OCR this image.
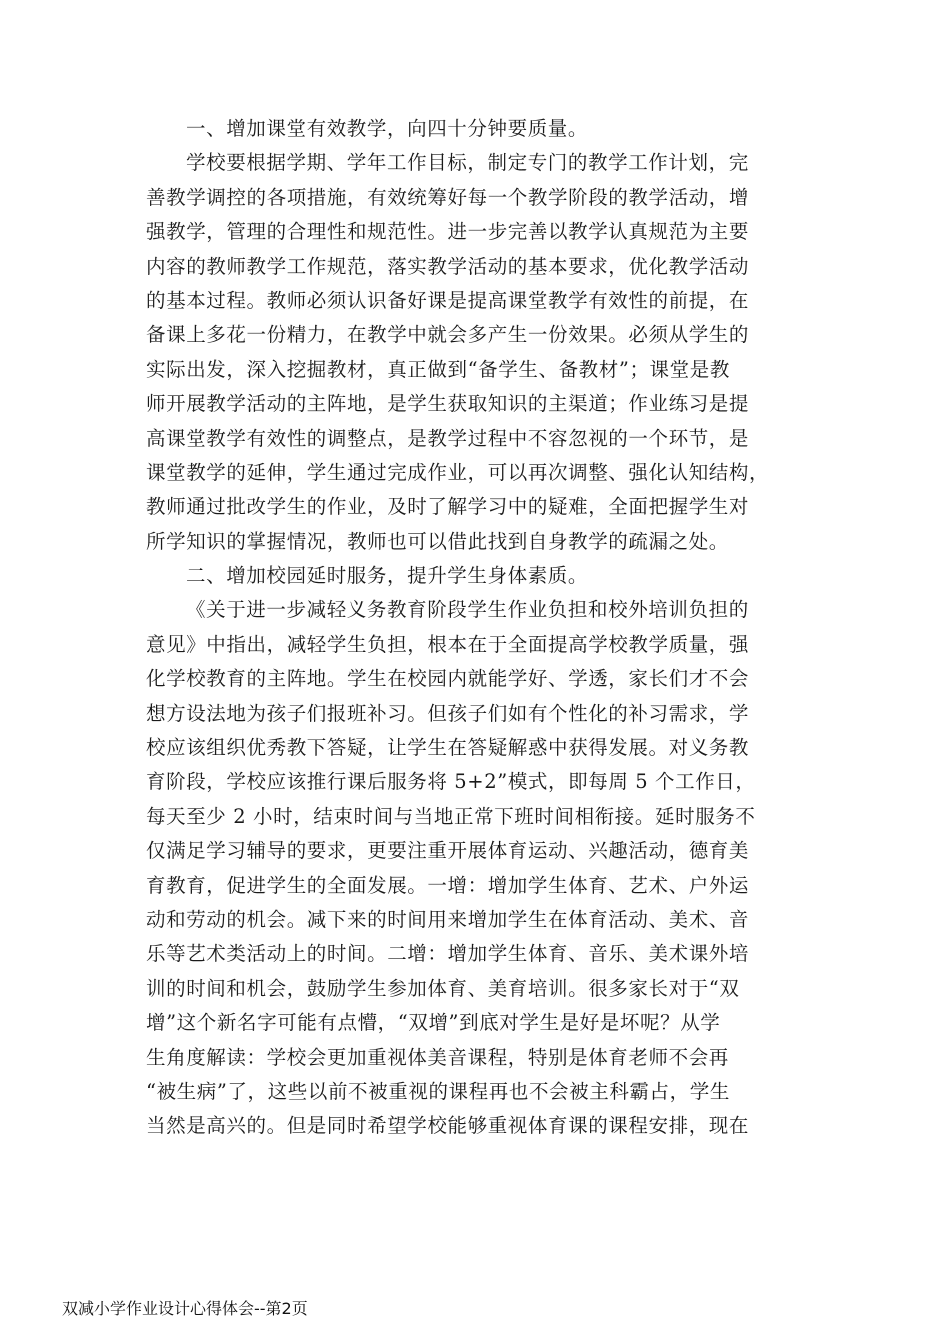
一、增加课堂有效教学，向四十分钟要质量。
学校要根据学期、学年工作目标，制定专门的教学工作计划，完
善教学调控的各项措施，有效统筹好每一个教学阶段的教学活动，增
强教学，管理的合理性和规范性。进一步完善以教学认真规范为主要
内容的教师教学工作规范，落实教学活动的基本要求，优化教学活动
的基本过程。教师必须认识备好课是提高课堂教学有效性的前提，在
备课上多花一份精力，在教学中就会多产生一份效果。必须从学生的
实际出发，深入挖掘教材，真正做到“备学生、备教材”；课堂是教
师开展教学活动的主阵地，是学生获取知识的主渠道；作业练习是提
高课堂教学有效性的调整点，是教学过程中不容忽视的一个环节，是
课堂教学的延伸，学生通过完成作业，可以再次调整、强化认知结构，
教师通过批改学生的作业，及时了解学习中的疑难，全面把握学生对
所学知识的掌握情况，教师也可以借此找到自身教学的疏漏之处。
二、增加校园延时服务，提升学生身体素质。
《关于进一步减轻义务教育阶段学生作业负担和校外培训负担的
意见》中指出，减轻学生负担，根本在于全面提高学校教学质量，强
化学校教育的主阵地。学生在校园内就能学好、学透，家长们才不会
想方设法地为孩子们报班补习。但孩子们如有个性化的补习需求，学
校应该组织优秀教下答疑，让学生在答疑解惑中获得发展。对义务教
育阶段，学校应该推行课后服务将 5+2”模式，即每周 5 个工作日，
每天至少 2 小时，结束时间与当地正常下班时间相衔接。延时服务不
仅满足学习辅导的要求，更要注重开展体育运动、兴趣活动，德育美
育教育，促进学生的全面发展。一增：增加学生体育、艺术、户外运
动和劳动的机会。减下来的时间用来增加学生在体育活动、美术、音
乐等艺术类活动上的时间。二增：增加学生体育、音乐、美术课外培
训的时间和机会，鼓励学生参加体育、美育培训。很多家长对于“双
增”这个新名字可能有点懵，“双增”到底对学生是好是坏呢？从学
生角度解读：学校会更加重视体美音课程，特别是体育老师不会再
“被生病”了，这些以前不被重视的课程再也不会被主科霸占，学生
当然是高兴的。但是同时希望学校能够重视体育课的课程安排，现在
双减小学作业设计心得体会--第2页
